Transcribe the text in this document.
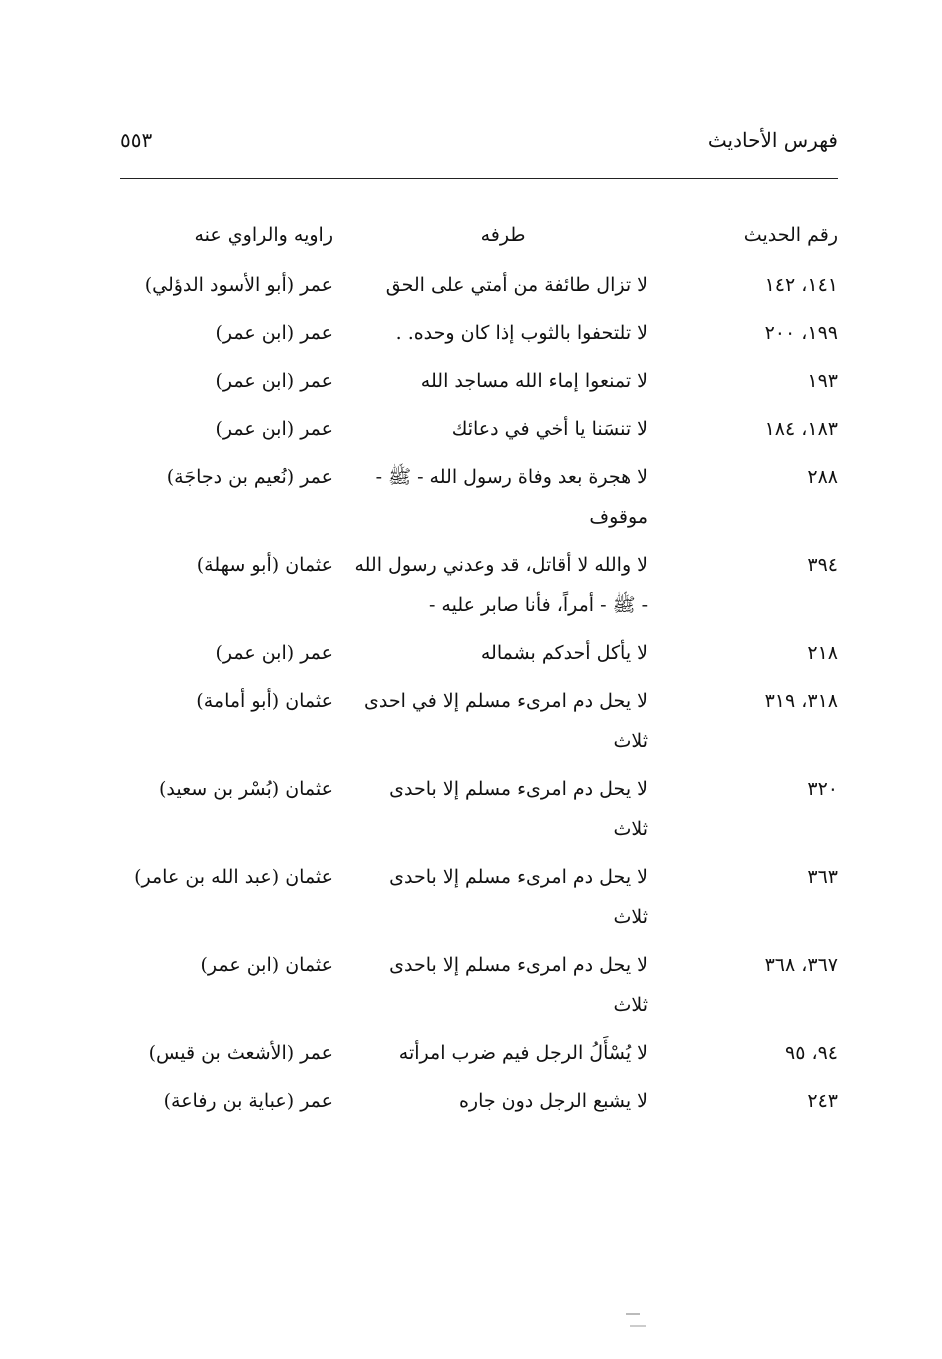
فهرس الأحاديث
٥٥٣
رقم الحديث
طرفه
راويه والراوي عنه
١٤١، ١٤٢
لا تزال طائفة من أمتي على الحق
عمر (أبو الأسود الدؤلي)
١٩٩، ٢٠٠
لا تلتحفوا بالثوب إذا كان وحده. .
عمر (ابن عمر)
١٩٣
لا تمنعوا إماء الله مساجد الله
عمر (ابن عمر)
١٨٣، ١٨٤
لا تنسَنا يا أخي في دعائك
عمر (ابن عمر)
٢٨٨
لا هجرة بعد وفاة رسول الله - ﷺ - موقوف
عمر (نُعيم بن دجاجَة)
٣٩٤
لا والله لا أقاتل، قد وعدني رسول الله - ﷺ - أمراً، فأنا صابر عليه -
عثمان (أبو سهلة)
٢١٨
لا يأكل أحدكم بشماله
عمر (ابن عمر)
٣١٨، ٣١٩
لا يحل دم امرىء مسلم إلا في احدى ثلاث
عثمان (أبو أمامة)
٣٢٠
لا يحل دم امرىء مسلم إلا باحدى ثلاث
عثمان (بُسْر بن سعيد)
٣٦٣
لا يحل دم امرىء مسلم إلا باحدى ثلاث
عثمان (عبد الله بن عامر)
٣٦٧، ٣٦٨
لا يحل دم امرىء مسلم إلا باحدى ثلاث
عثمان (ابن عمر)
٩٤، ٩٥
لا يُسْأَلُ الرجل فيم ضرب امرأته
عمر (الأشعث بن قيس)
٢٤٣
لا يشبع الرجل دون جاره
عمر (عباية بن رفاعة)
